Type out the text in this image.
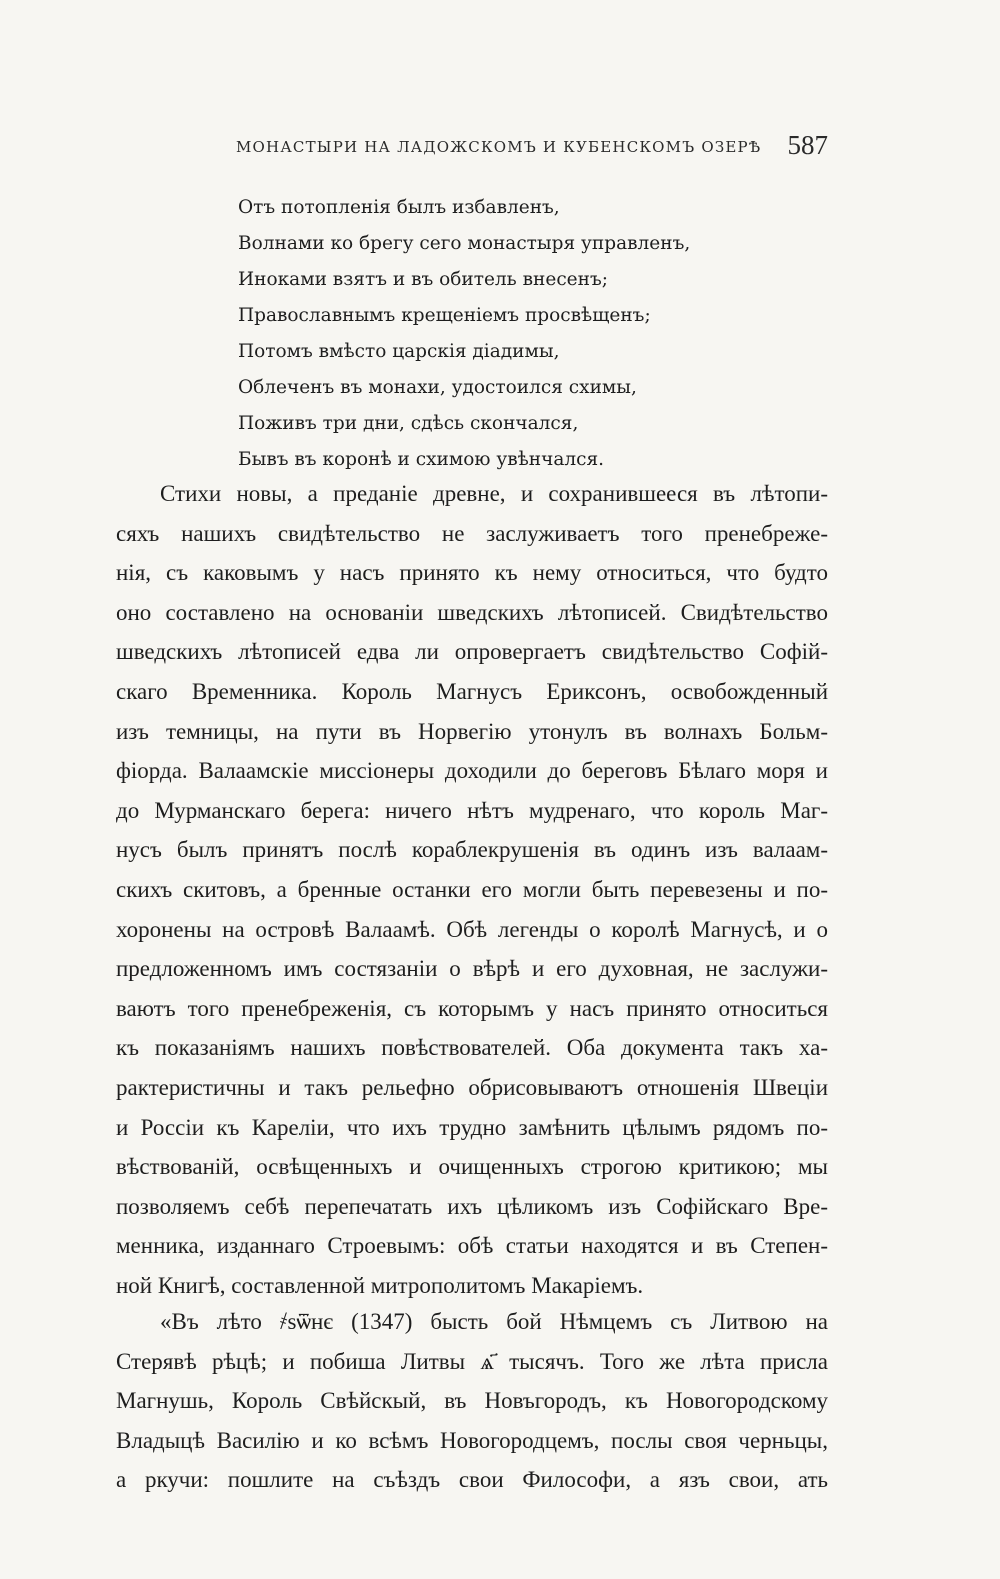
МОНАСТЫРИ НА ЛАДОЖСКОМЪ И КУБЕНСКОМЪ ОЗЕРѢ 587
Отъ потопленія былъ избавленъ,
Волнами ко брегу сего монастыря управленъ,
Иноками взятъ и въ обитель внесенъ;
Православнымъ крещеніемъ просвѣщенъ;
Потомъ вмѣсто царскія діадимы,
Облеченъ въ монахи, удостоился схимы,
Поживъ три дни, сдѣсь скончался,
Бывъ въ коронѣ и схимою увѣнчался.
Стихи новы, а преданіе древне, и сохранившееся въ лѣтопи-
сяхъ нашихъ свидѣтельство не заслуживаетъ того пренебреже-
нія, съ каковымъ у насъ принято къ нему относиться, что будто
оно составлено на основаніи шведскихъ лѣтописей. Свидѣтельство
шведскихъ лѣтописей едва ли опровергаетъ свидѣтельство Софій-
скаго Временника. Король Магнусъ Ериксонъ, освобожденный
изъ темницы, на пути въ Норвегію утонулъ въ волнахъ Больм-
фіорда. Валаамскіе миссіонеры доходили до береговъ Бѣлаго моря и
до Мурманскаго берега: ничего нѣтъ мудренаго, что король Маг-
нусъ былъ принятъ послѣ кораблекрушенія въ одинъ изъ валаам-
скихъ скитовъ, а бренные останки его могли быть перевезены и по-
хоронены на островѣ Валаамѣ. Обѣ легенды о королѣ Магнусѣ, и о
предложенномъ имъ состязаніи о вѣрѣ и его духовная, не заслужи-
ваютъ того пренебреженія, съ которымъ у насъ принято относиться
къ показаніямъ нашихъ повѣствователей. Оба документа такъ ха-
рактеристичны и такъ рельефно обрисовываютъ отношенія Швеціи
и Россіи къ Кареліи, что ихъ трудно замѣнить цѣлымъ рядомъ по-
вѣствованій, освѣщенныхъ и очищенныхъ строгою критикою; мы
позволяемъ себѣ перепечатать ихъ цѣликомъ изъ Софійскаго Вре-
менника, изданнаго Строевымъ: обѣ статьи находятся и въ Степен-
ной Книгѣ, составленной митрополитомъ Макаріемъ.
«Въ лѣто ҂ѕѿнє (1347) бысть бой Нѣмцемъ съ Литвою на
Стерявѣ рѣцѣ; и побиша Литвы ѧ҃ тысячъ. Того же лѣта присла
Магнушь, Король Свѣйскый, въ Новъгородъ, къ Новогородскому
Владыцѣ Василію и ко всѣмъ Новогородцемъ, послы своя черньцы,
а ркучи: пошлите на съѣздъ свои Философи, а язъ свои, ать
